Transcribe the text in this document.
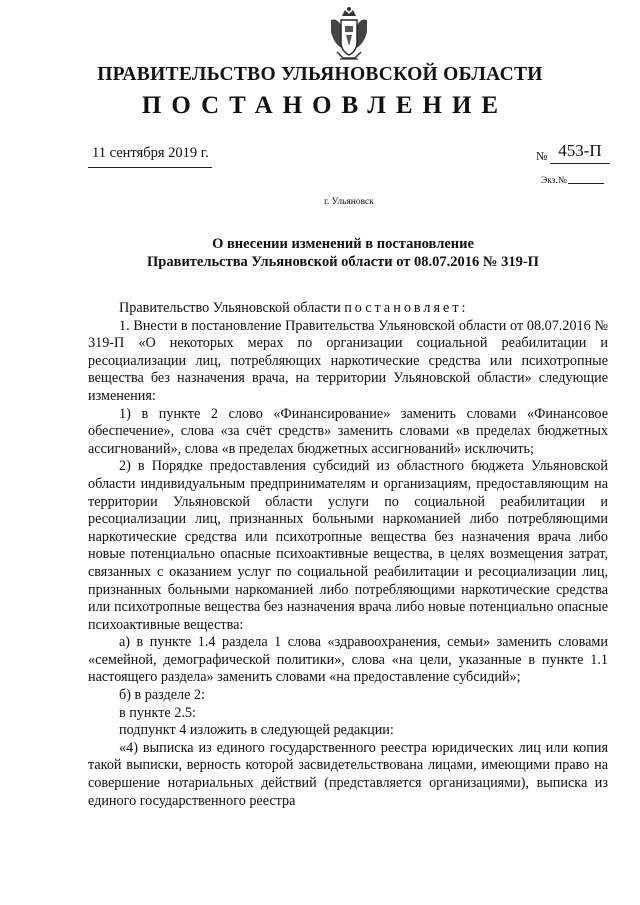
ПРАВИТЕЛЬСТВО УЛЬЯНОВСКОЙ ОБЛАСТИ
ПОСТАНОВЛЕНИЕ
11 сентября 2019 г.	№ 453-П
Экз.№
г. Ульяновск
О внесении изменений в постановление
Правительства Ульяновской области от 08.07.2016 № 319-П

Правительство Ульяновской области постановляет:

1. Внести в постановление Правительства Ульяновской области от 08.07.2016 № 319-П «О некоторых мерах по организации социальной реабилитации и ресоциализации лиц, потребляющих наркотические средства или психотропные вещества без назначения врача, на территории Ульяновской области» следующие изменения:

1) в пункте 2 слово «Финансирование» заменить словами «Финансовое обеспечение», слова «за счёт средств» заменить словами «в пределах бюджетных ассигнований», слова «в пределах бюджетных ассигнований» исключить;

2) в Порядке предоставления субсидий из областного бюджета Ульяновской области индивидуальным предпринимателям и организациям, предоставляющим на территории Ульяновской области услуги по социальной реабилитации и ресоциализации лиц, признанных больными наркоманией либо потребляющими наркотические средства или психотропные вещества без назначения врача либо новые потенциально опасные психоактивные вещества, в целях возмещения затрат, связанных с оказанием услуг по социальной реабилитации и ресоциализации лиц, признанных больными наркоманией либо потребляющими наркотические средства или психотропные вещества без назначения врача либо новые потенциально опасные психоактивные вещества:

а) в пункте 1.4 раздела 1 слова «здравоохранения, семьи» заменить словами «семейной, демографической политики», слова «на цели, указанные в пункте 1.1 настоящего раздела» заменить словами «на предоставление субсидий»;

б) в разделе 2:

в пункте 2.5:

подпункт 4 изложить в следующей редакции:

«4) выписка из единого государственного реестра юридических лиц или копия такой выписки, верность которой засвидетельствована лицами, имеющими право на совершение нотариальных действий (представляется организациями), выписка из единого государственного реестра
